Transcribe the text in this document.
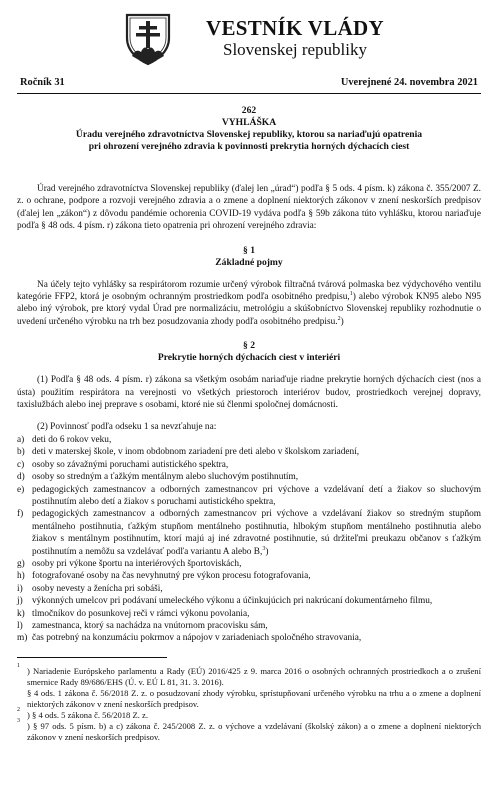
VESTNÍK VLÁDY
Slovenskej republiky
Ročník 31	Uverejnené 24. novembra 2021
262
VYHLÁŠKA
Úradu verejného zdravotníctva Slovenskej republiky, ktorou sa nariaďujú opatrenia
pri ohrození verejného zdravia k povinnosti prekrytia horných dýchacích ciest

Úrad verejného zdravotníctva Slovenskej republiky (ďalej len „úrad“) podľa § 5 ods. 4 písm. k) zákona č. 355/2007 Z. z. o ochrane, podpore a rozvoji verejného zdravia a o zmene a doplnení niektorých zákonov v znení neskorších predpisov (ďalej len „zákon“) z dôvodu pandémie ochorenia COVID-19 vydáva podľa § 59b zákona túto vyhlášku, ktorou nariaďuje podľa § 48 ods. 4 písm. r) zákona tieto opatrenia pri ohrození verejného zdravia:

§ 1
Základné pojmy

Na účely tejto vyhlášky sa respirátorom rozumie určený výrobok filtračná tvárová polmaska bez výdychového ventilu kategórie FFP2, ktorá je osobným ochranným prostriedkom podľa osobitného predpisu,$^1$) alebo výrobok KN95 alebo N95 alebo iný výrobok, pre ktorý vydal Úrad pre normalizáciu, metrológiu a skúšobníctvo Slovenskej republiky rozhodnutie o uvedení určeného výrobku na trh bez posudzovania zhody podľa osobitného predpisu.$^2$)

§ 2
Prekrytie horných dýchacích ciest v interiéri

(1) Podľa § 48 ods. 4 písm. r) zákona sa všetkým osobám nariaďuje riadne prekrytie horných dýchacích ciest (nos a ústa) použitím respirátora na verejnosti vo všetkých priestoroch interiérov budov, prostriedkoch verejnej dopravy, taxislužbách alebo inej preprave s osobami, ktoré nie sú členmi spoločnej domácnosti.

(2) Povinnosť podľa odseku 1 sa nevzťahuje na:

a) deti do 6 rokov veku,
b) deti v materskej škole, v inom obdobnom zariadení pre deti alebo v školskom zariadení,
c) osoby so závažnými poruchami autistického spektra,
d) osoby so stredným a ťažkým mentálnym alebo sluchovým postihnutím,
e) pedagogických zamestnancov a odborných zamestnancov pri výchove a vzdelávaní detí a žiakov so sluchovým postihnutím alebo detí a žiakov s poruchami autistického spektra,
f) pedagogických zamestnancov a odborných zamestnancov pri výchove a vzdelávaní žiakov so stredným stupňom mentálneho postihnutia, ťažkým stupňom mentálneho postihnutia, hlbokým stupňom mentálneho postihnutia alebo žiakov s mentálnym postihnutím, ktorí majú aj iné zdravotné postihnutie, sú držiteľmi preukazu občanov s ťažkým postihnutím a nemôžu sa vzdelávať podľa variantu A alebo B,$^3$)
g) osoby pri výkone športu na interiérových športoviskách,
h) fotografované osoby na čas nevyhnutný pre výkon procesu fotografovania,
i)	osoby nevesty a ženícha pri sobáši,
j)	výkonných umelcov pri podávaní umeleckého výkonu a účinkujúcich pri nakrúcaní dokumentárneho filmu,
k) tlmočníkov do posunkovej reči v rámci výkonu povolania,
l)	zamestnanca, ktorý sa nachádza na vnútornom pracovisku sám,
m) čas potrebný na konzumáciu pokrmov a nápojov v zariadeniach spoločného stravovania,
1 ) Nariadenie Európskeho parlamentu a Rady (EÚ) 2016/425 z 9. marca 2016 o osobných ochranných prostriedkoch a o zrušení smernice Rady 89/686/EHS (Ú. v. EÚ L 81, 31. 3. 2016).

§ 4 ods. 1 zákona č. 56/2018 Z. z. o posudzovaní zhody výrobku, sprístupňovaní určeného výrobku na trhu a o zmene a doplnení niektorých zákonov v znení neskorších predpisov.

2 ) § 4 ods. 5 zákona č. 56/2018 Z. z.
3 ) § 97 ods. 5 písm. b) a c) zákona č. 245/2008 Z. z. o výchove a vzdelávaní (školský zákon) a o zmene a doplnení niektorých zákonov v znení neskorších predpisov.
